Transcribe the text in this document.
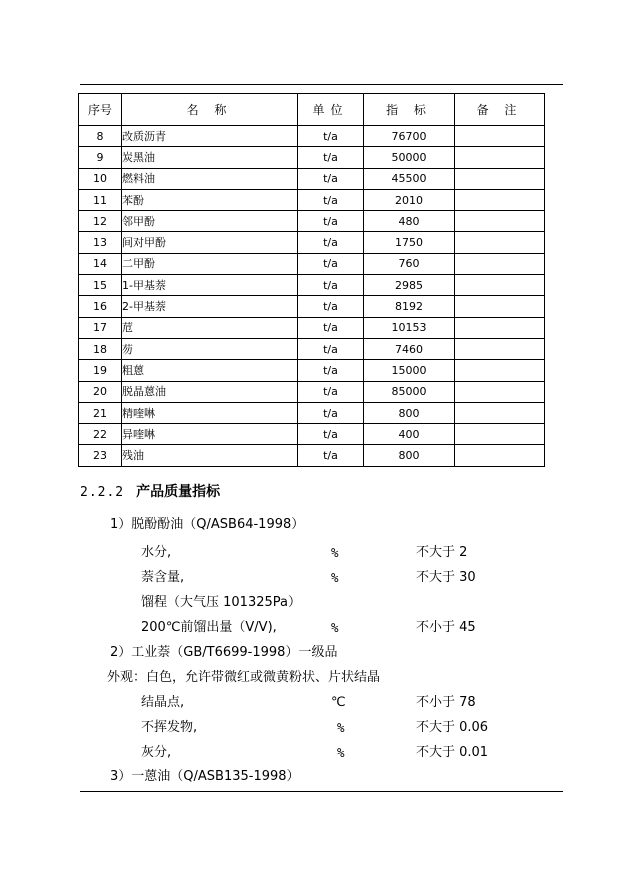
序号	名 称	单位	指 标	备 注
8	改质沥青	t/a	76700	
9	炭黑油	t/a	50000	
10	燃料油	t/a	45500	
11	苯酚	t/a	2010	
12	邻甲酚	t/a	480	
13	间对甲酚	t/a	1750	
14	二甲酚	t/a	760	
15	1-甲基萘	t/a	2985	
16	2-甲基萘	t/a	8192	
17	苊	t/a	10153	
18	芴	t/a	7460	
19	粗蒽	t/a	15000	
20	脱晶蒽油	t/a	85000	
21	精喹啉	t/a	800	
22	异喹啉	t/a	400	
23	残油	t/a	800	
2.2.2 产品质量指标
1）脱酚酚油（Q/ASB64-1998）
水分,	%	不大于 2
萘含量,	%	不大于 30
馏程（大气压 101325Pa）
200℃前馏出量（V/V),	%	不小于 45
2）工业萘（GB/T6699-1998）一级品
外观：白色，允许带微红或微黄粉状、片状结晶
结晶点,	℃	不小于 78
不挥发物,	%	不大于 0.06
灰分,	%	不大于 0.01
3）一蒽油（Q/ASB135-1998）
